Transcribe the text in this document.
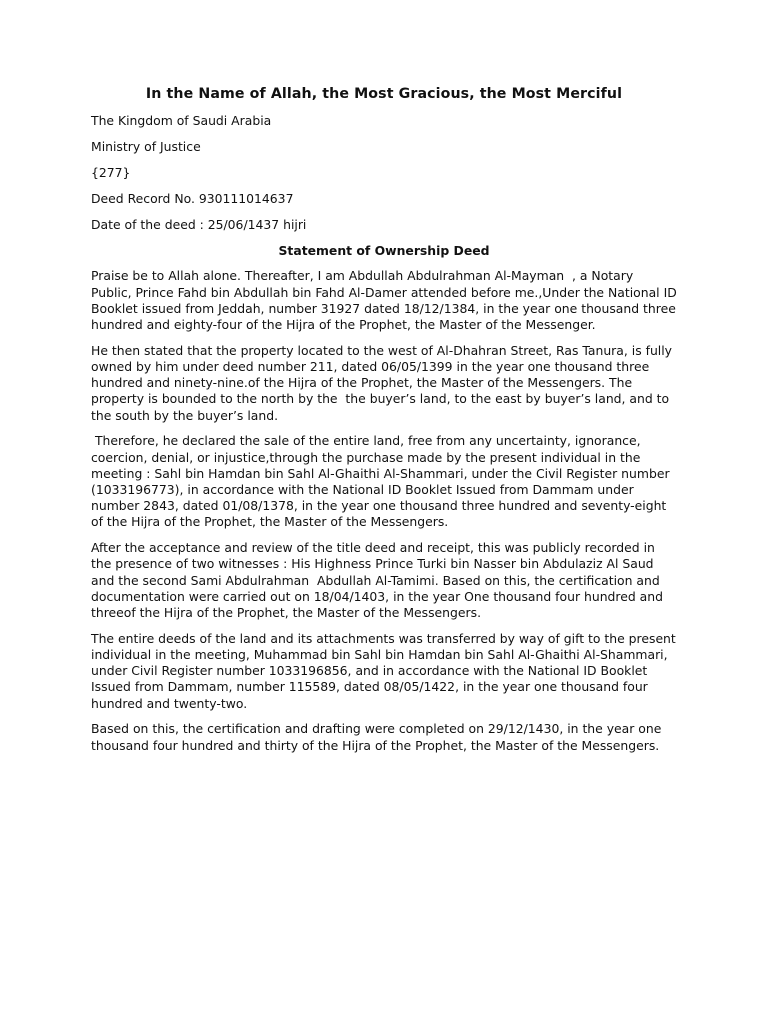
In the Name of Allah, the Most Gracious, the Most Merciful

The Kingdom of Saudi Arabia

Ministry of Justice

{277}

Deed Record No. 930111014637

Date of the deed : 25/06/1437 hijri

Statement of Ownership Deed

Praise be to Allah alone. Thereafter, I am Abdullah Abdulrahman Al-Mayman  , a Notary Public, Prince Fahd bin Abdullah bin Fahd Al-Damer attended before me.,Under the National ID Booklet issued from Jeddah, number 31927 dated 18/12/1384, in the year one thousand three hundred and eighty-four of the Hijra of the Prophet, the Master of the Messenger.

He then stated that the property located to the west of Al-Dhahran Street, Ras Tanura, is fully owned by him under deed number 211, dated 06/05/1399 in the year one thousand three hundred and ninety-nine.of the Hijra of the Prophet, the Master of the Messengers. The property is bounded to the north by the  the buyer’s land, to the east by buyer’s land, and to the south by the buyer’s land.

Therefore, he declared the sale of the entire land, free from any uncertainty, ignorance, coercion, denial, or injustice,through the purchase made by the present individual in the meeting : Sahl bin Hamdan bin Sahl Al-Ghaithi Al-Shammari, under the Civil Register number (1033196773), in accordance with the National ID Booklet Issued from Dammam under number 2843, dated 01/08/1378, in the year one thousand three hundred and seventy-eight of the Hijra of the Prophet, the Master of the Messengers.

After the acceptance and review of the title deed and receipt, this was publicly recorded in the presence of two witnesses : His Highness Prince Turki bin Nasser bin Abdulaziz Al Saud and the second Sami Abdulrahman  Abdullah Al-Tamimi. Based on this, the certification and documentation were carried out on 18/04/1403, in the year One thousand four hundred and threeof the Hijra of the Prophet, the Master of the Messengers.

The entire deeds of the land and its attachments was transferred by way of gift to the present individual in the meeting, Muhammad bin Sahl bin Hamdan bin Sahl Al-Ghaithi Al-Shammari, under Civil Register number 1033196856, and in accordance with the National ID Booklet Issued from Dammam, number 115589, dated 08/05/1422, in the year one thousand four hundred and twenty-two.

Based on this, the certification and drafting were completed on 29/12/1430, in the year one thousand four hundred and thirty of the Hijra of the Prophet, the Master of the Messengers.
